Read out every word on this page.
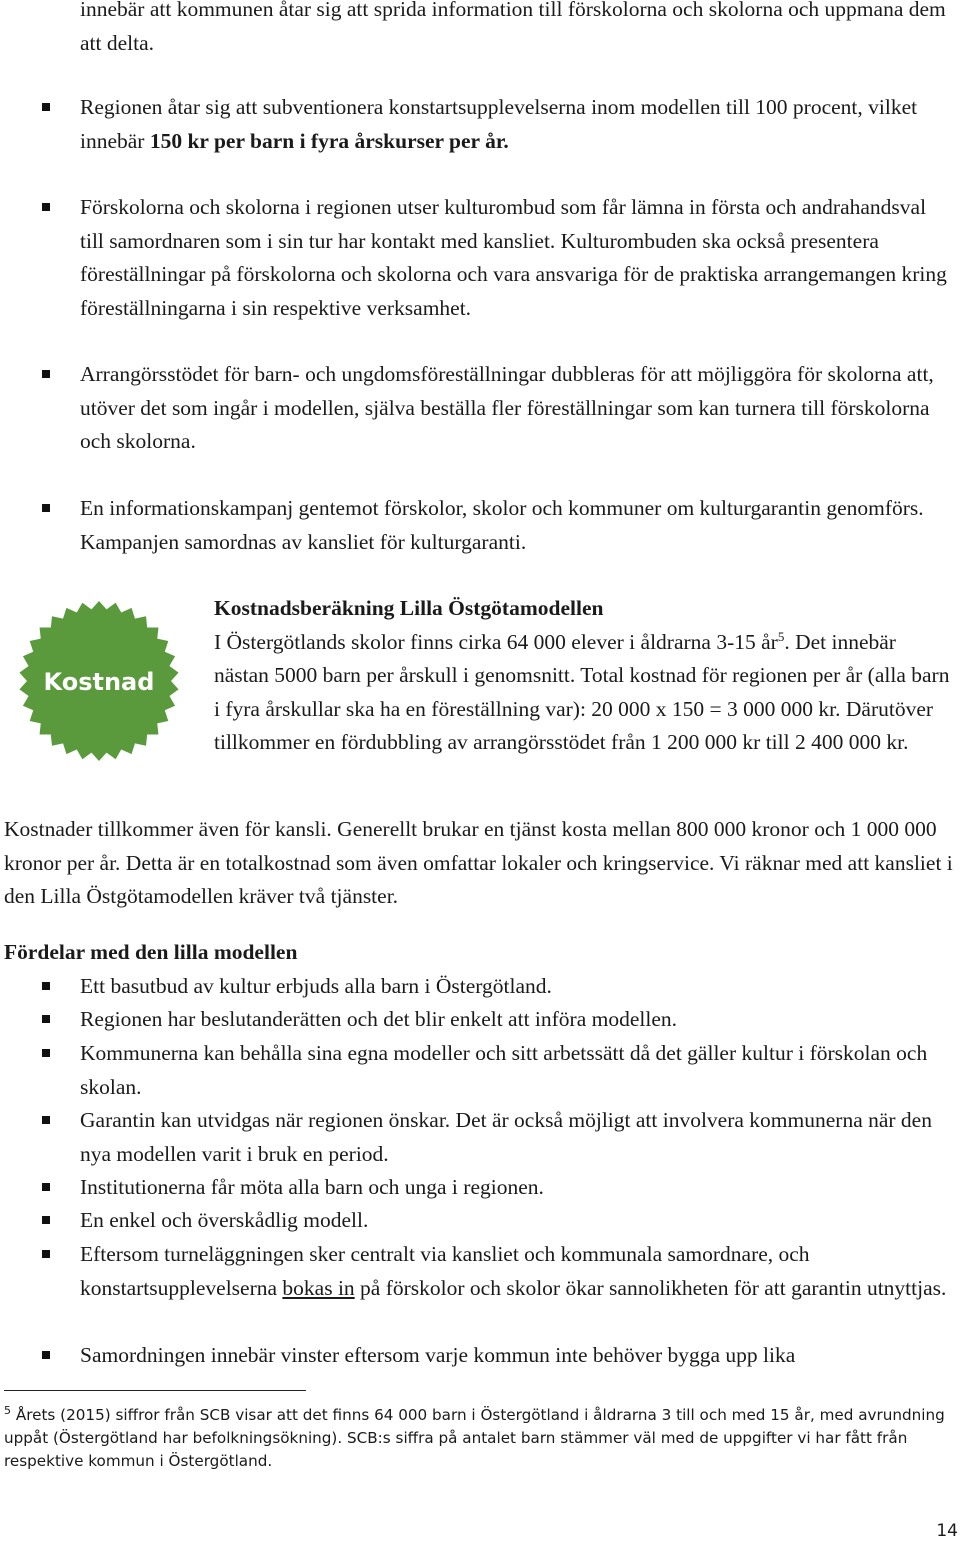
innebär att kommunen åtar sig att sprida information till förskolorna och skolorna och uppmana dem att delta.
Regionen åtar sig att subventionera konstartsupplevelserna inom modellen till 100 procent, vilket innebär 150 kr per barn i fyra årskurser per år.
Förskolorna och skolorna i regionen utser kulturombud som får lämna in första och andrahandsval till samordnaren som i sin tur har kontakt med kansliet. Kulturombuden ska också presentera föreställningar på förskolorna och skolorna och vara ansvariga för de praktiska arrangemangen kring föreställningarna i sin respektive verksamhet.
Arrangörsstödet för barn- och ungdomsföreställningar dubbleras för att möjliggöra för skolorna att, utöver det som ingår i modellen, själva beställa fler föreställningar som kan turnera till förskolorna och skolorna.
En informationskampanj gentemot förskolor, skolor och kommuner om kulturgarantin genomförs. Kampanjen samordnas av kansliet för kulturgaranti.
Kostnad
Kostnadsberäkning Lilla Östgötamodellen
I Östergötlands skolor finns cirka 64 000 elever i åldrarna 3-15 $år^5$. Det innebär nästan 5000 barn per årskull i genomsnitt. Total kostnad för regionen per år (alla barn i fyra årskullar ska ha en föreställning var): 20 000 x 150 = 3 000 000 kr. Därutöver tillkommer en fördubbling av arrangörsstödet från 1 200 000 kr till 2 400 000 kr.
Kostnader tillkommer även för kansli. Generellt brukar en tjänst kosta mellan 800 000 kronor och 1 000 000 kronor per år. Detta är en totalkostnad som även omfattar lokaler och kringservice. Vi räknar med att kansliet i den Lilla Östgötamodellen kräver två tjänster.
Fördelar med den lilla modellen
Ett basutbud av kultur erbjuds alla barn i Östergötland.
Regionen har beslutanderätten och det blir enkelt att införa modellen.
Kommunerna kan behålla sina egna modeller och sitt arbetssätt då det gäller kultur i förskolan och skolan.
Garantin kan utvidgas när regionen önskar. Det är också möjligt att involvera kommunerna när den nya modellen varit i bruk en period.
Institutionerna får möta alla barn och unga i regionen.
En enkel och överskådlig modell.
Eftersom turneläggningen sker centralt via kansliet och kommunala samordnare, och konstartsupplevelserna bokas in på förskolor och skolor ökar sannolikheten för att garantin utnyttjas.
Samordningen innebär vinster eftersom varje kommun inte behöver bygga upp lika
$^5$ Årets (2015) siffror från SCB visar att det finns 64 000 barn i Östergötland i åldrarna 3 till och med 15 år, med avrundning uppåt (Östergötland har befolkningsökning). SCB:s siffra på antalet barn stämmer väl med de uppgifter vi har fått från respektive kommun i Östergötland.
14
